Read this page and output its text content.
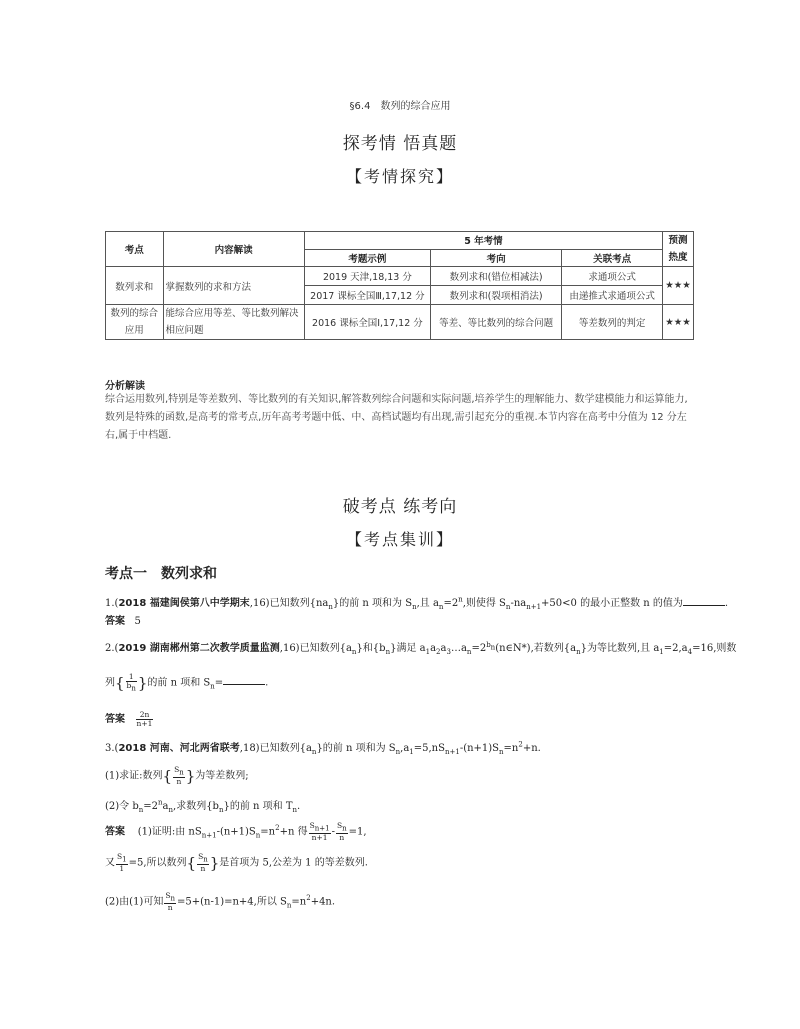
§6.4　数列的综合应用
探考情 悟真题
【考情探究】
考点	内容解读	5 年考情			预测热度
		考题示例	考向	关联考点	
数列求和	掌握数列的求和方法	2019 天津,18,13 分	数列求和(错位相减法)	求通项公式	★★★
		2017 课标全国Ⅲ,17,12 分	数列求和(裂项相消法)	由递推式求通项公式	
数列的综合应用	能综合应用等差、等比数列解决相应问题	2016 课标全国Ⅰ,17,12 分	等差、等比数列的综合问题	等差数列的判定	★★★
分析解读
综合运用数列,特别是等差数列、等比数列的有关知识,解答数列综合问题和实际问题,培养学生的理解能力、数学建模能力和运算能力,数列是特殊的函数,是高考的常考点,历年高考考题中低、中、高档试题均有出现,需引起充分的重视.本节内容在高考中分值为 12 分左右,属于中档题.
破考点 练考向
【考点集训】
考点一　数列求和
1.(2018 福建闽侯第八中学期末,16)已知数列$\{na_n\}$的前 n 项和为 $S_n$,且 $a_n=2^n$,则使得 $S_n-na_{n+1}+50<0$ 的最小正整数 n 的值为	.
答案 5
2.(2019 湖南郴州第二次教学质量监测,16)已知数列$\{a_n\}$和$\{b_n\}$满足 $a_1a_2a_3\dots a_n=2^{b_n}(n\in N*)$,若数列$\{a_n\}$为等比数列,且 $a_1=2,a_4=16$,则数
列{ $\frac{1}{b_n}$ }的前 n 项和 $S_n=$	.
答案 $\frac{2n}{n+1}$
3.(2018 河南、河北两省联考,18)已知数列$\{a_n\}$的前 n 项和为 $S_n,a_1=5,nS_{n+1}-(n+1)S_n=n^2+n$.
(1)求证:数列{ $\frac{S_n}{n}$ }为等差数列;
(2)令 $b_n=2^na_n$,求数列$\{b_n\}$的前 n 项和 $T_n$.
答案 (1)证明:由 $nS_{n+1}-(n+1)S_n=n^2+n$ 得 $\frac{S_{n+1}}{n+1} - \frac{S_n}{n} =1$,
又 $\frac{S_1}{1} =5$,所以数列{ $\frac{S_n}{n}$ }是首项为 5,公差为 1 的等差数列.
(2)由(1)可知 $\frac{S_n}{n} =5+(n-1)=n+4$,所以 $S_n=n^2+4n$.
